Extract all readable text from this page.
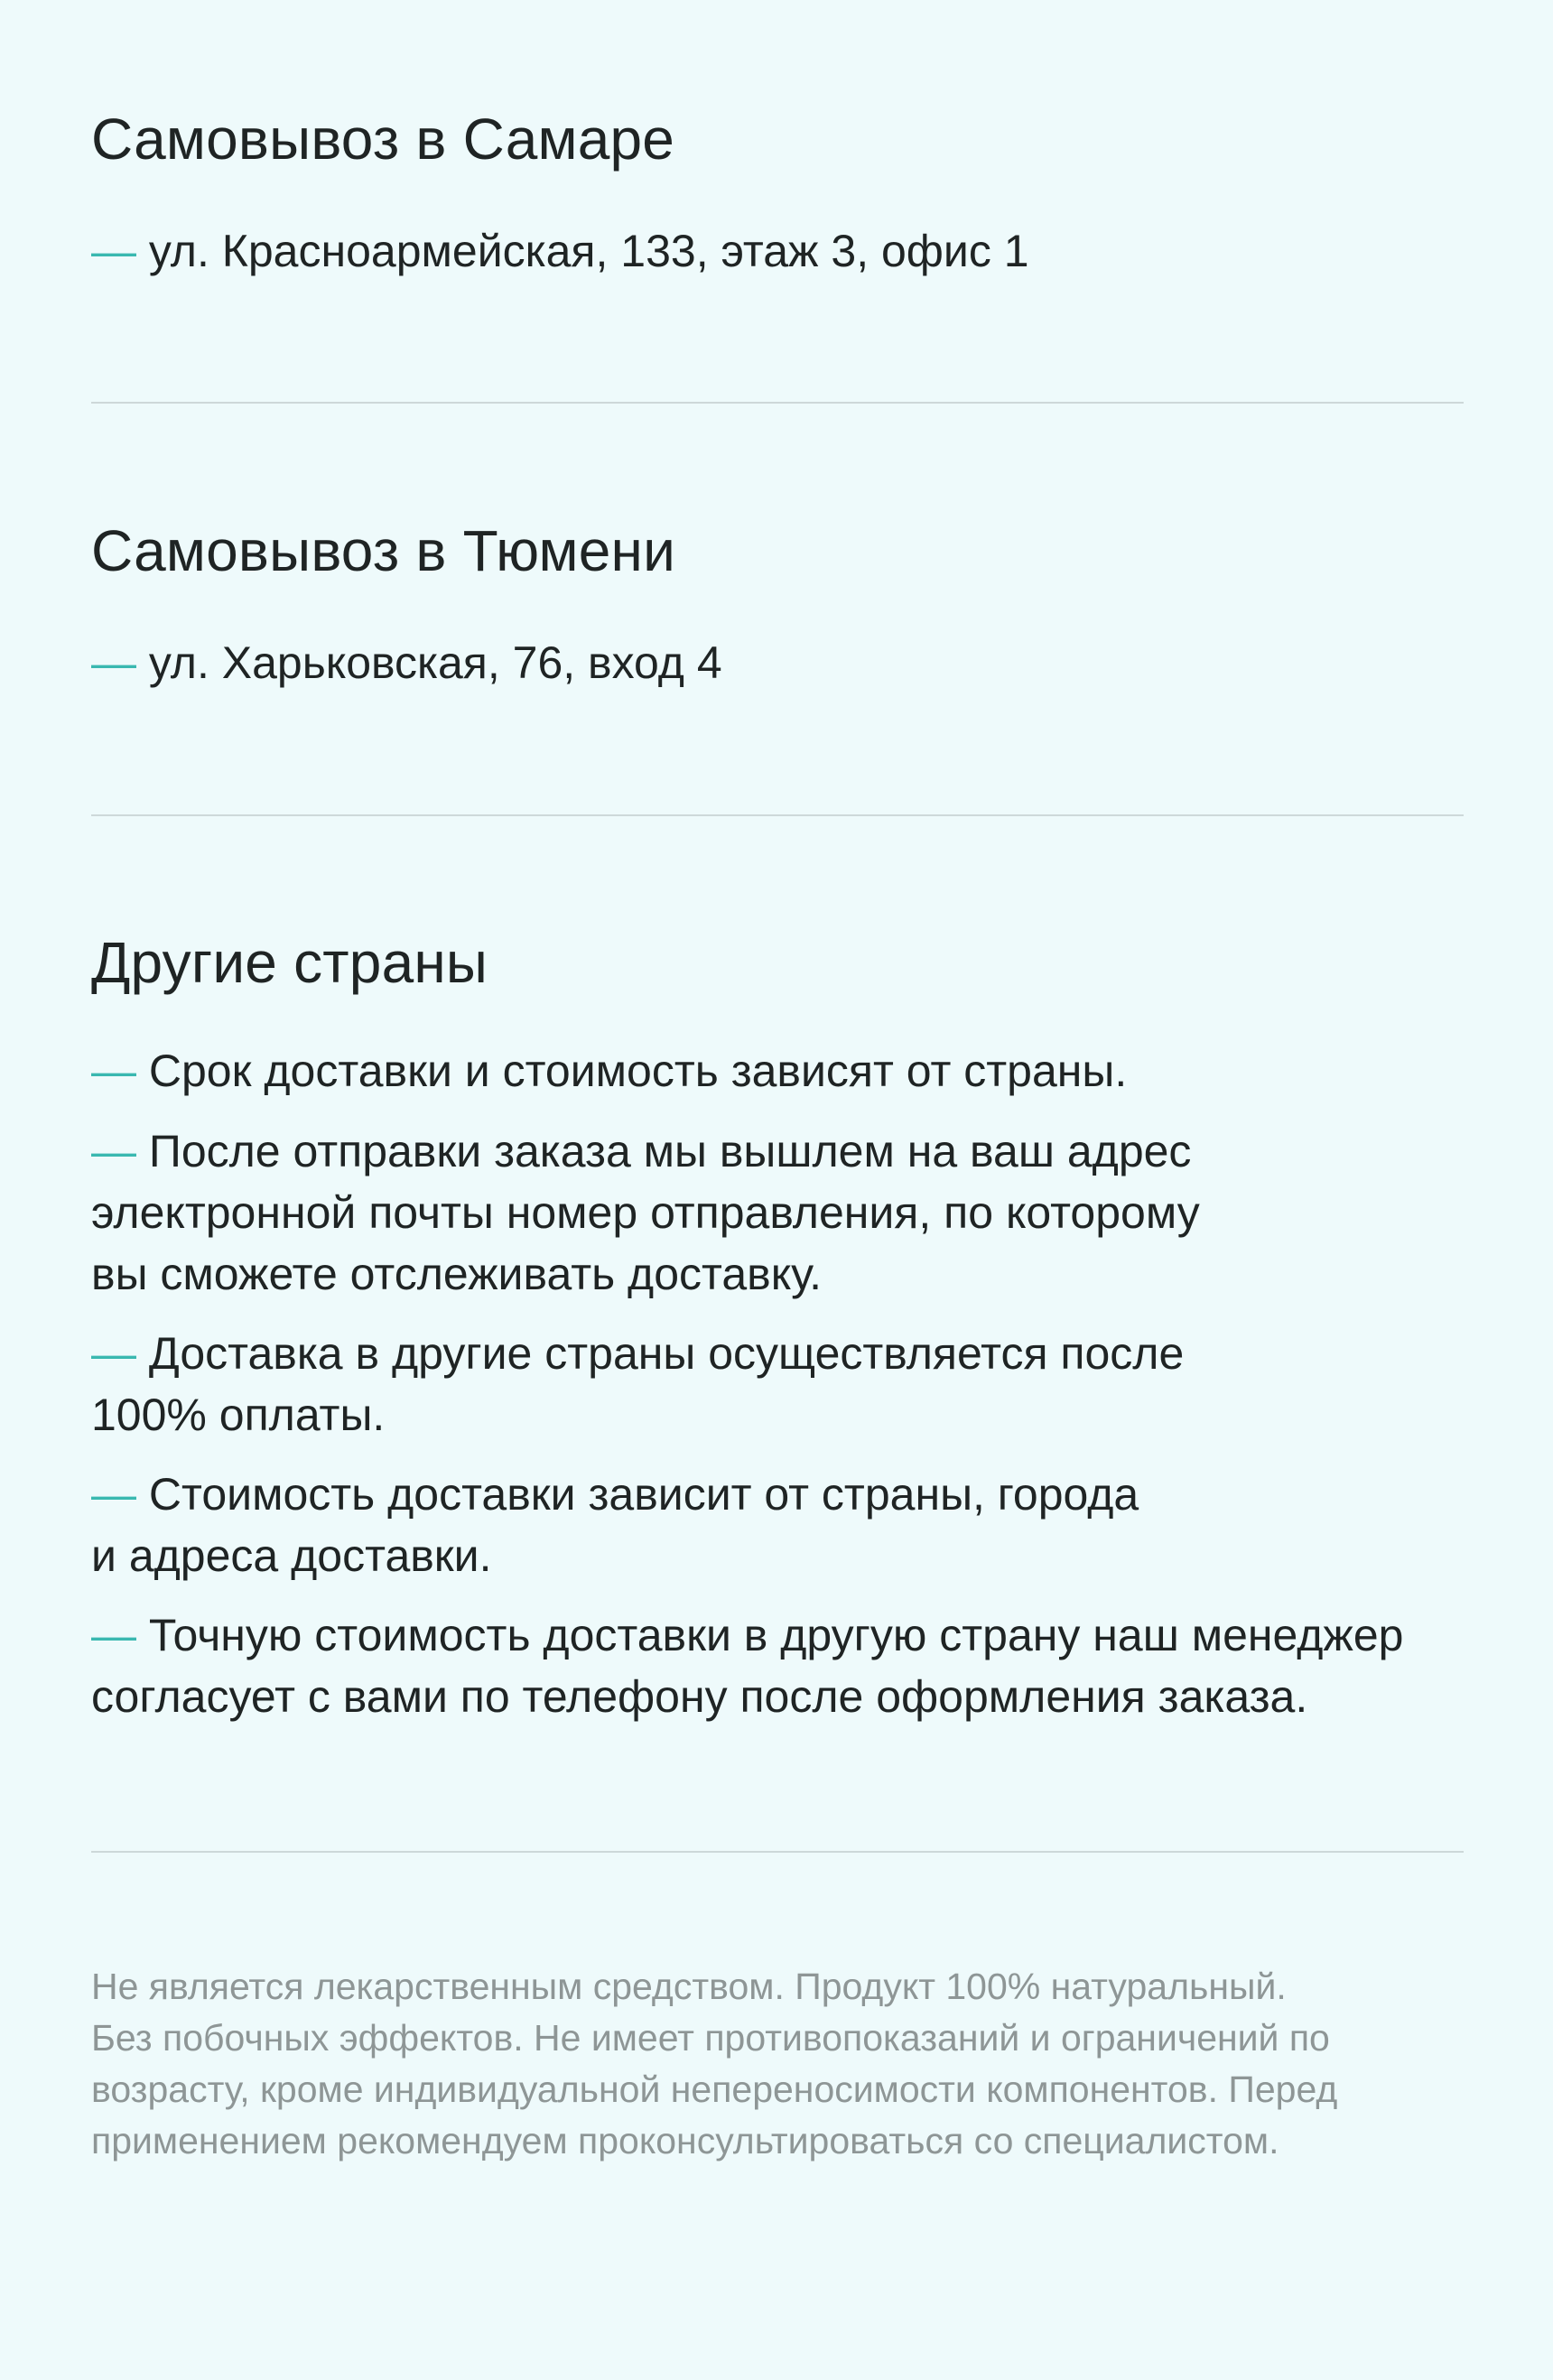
Самовывоз в Самаре

— ул. Красноармейская, 133, этаж 3, офис 1

Самовывоз в Тюмени

— ул. Харьковская, 76, вход 4

Другие страны

— Срок доставки и стоимость зависят от страны.

— После отправки заказа мы вышлем на ваш адрес

электронной почты номер отправления, по которому

вы сможете отслеживать доставку.

— Доставка в другие страны осуществляется после

100% оплаты.

— Стоимость доставки зависит от страны, города

и адреса доставки.

— Точную стоимость доставки в другую страну наш менеджер

согласует с вами по телефону после оформления заказа.

Не является лекарственным средством. Продукт 100% натуральный.
Без побочных эффектов. Не имеет противопоказаний и ограничений по
возрасту, кроме индивидуальной непереносимости компонентов. Перед
применением рекомендуем проконсультироваться со специалистом.
